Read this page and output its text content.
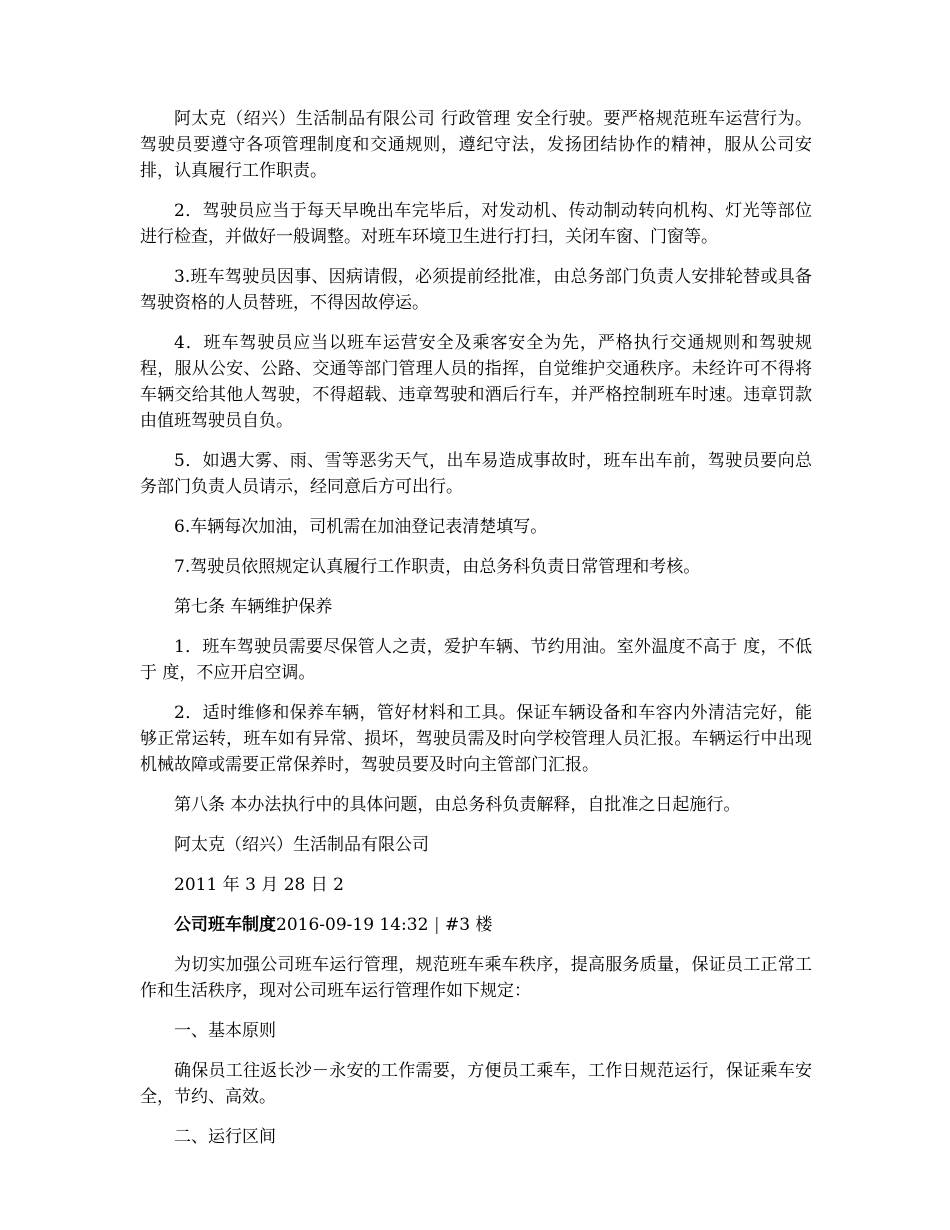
阿太克（绍兴）生活制品有限公司 行政管理 安全行驶。要严格规范班车运营行为。驾驶员要遵守各项管理制度和交通规则，遵纪守法，发扬团结协作的精神，服从公司安排，认真履行工作职责。

2．驾驶员应当于每天早晚出车完毕后，对发动机、传动制动转向机构、灯光等部位进行检查，并做好一般调整。对班车环境卫生进行打扫，关闭车窗、门窗等。

3.班车驾驶员因事、因病请假，必须提前经批准，由总务部门负责人安排轮替或具备驾驶资格的人员替班，不得因故停运。

4．班车驾驶员应当以班车运营安全及乘客安全为先，严格执行交通规则和驾驶规程，服从公安、公路、交通等部门管理人员的指挥，自觉维护交通秩序。未经许可不得将车辆交给其他人驾驶，不得超载、违章驾驶和酒后行车，并严格控制班车时速。违章罚款由值班驾驶员自负。

5．如遇大雾、雨、雪等恶劣天气，出车易造成事故时，班车出车前，驾驶员要向总务部门负责人员请示，经同意后方可出行。

6.车辆每次加油，司机需在加油登记表清楚填写。

7.驾驶员依照规定认真履行工作职责，由总务科负责日常管理和考核。

第七条 车辆维护保养

1．班车驾驶员需要尽保管人之责，爱护车辆、节约用油。室外温度不高于 度，不低于 度，不应开启空调。

2．适时维修和保养车辆，管好材料和工具。保证车辆设备和车容内外清洁完好，能够正常运转，班车如有异常、损坏，驾驶员需及时向学校管理人员汇报。车辆运行中出现机械故障或需要正常保养时，驾驶员要及时向主管部门汇报。

第八条 本办法执行中的具体问题，由总务科负责解释，自批准之日起施行。

阿太克（绍兴）生活制品有限公司

2011 年 3 月 28 日 2

公司班车制度2016-09-19 14:32 | #3 楼

为切实加强公司班车运行管理，规范班车乘车秩序，提高服务质量，保证员工正常工作和生活秩序，现对公司班车运行管理作如下规定：

一、基本原则

确保员工往返长沙－永安的工作需要，方便员工乘车，工作日规范运行，保证乘车安全，节约、高效。

二、运行区间
